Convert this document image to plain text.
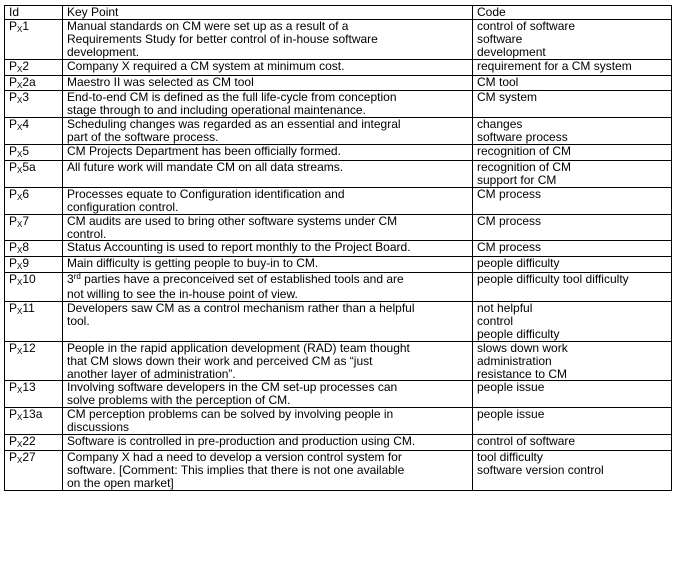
Id	Key Point	Code
PX1	Manual standards on CM were set up as a result of a
Requirements Study for better control of in-house software
development.	control of software
software
development

PX2	Company X required a CM system at minimum cost.	requirement for a CM system

PX2a	Maestro II was selected as CM tool	CM tool

PX3	End-to-end CM is defined as the full life-cycle from conception
stage through to and including operational maintenance.	CM system

PX4	Scheduling changes was regarded as an essential and integral
part of the software process.	changes
software process

PX5	CM Projects Department has been officially formed.	recognition of CM

PX5a	All future work will mandate CM on all data streams.	recognition of CM
support for CM

PX6	Processes equate to Configuration identification and
configuration control.	CM process

PX7	CM audits are used to bring other software systems under CM
control.	CM process

PX8	Status Accounting is used to report monthly to the Project Board.	CM process

PX9	Main difficulty is getting people to buy-in to CM.	people difficulty

PX10	3rd parties have a preconceived set of established tools and are
not willing to see the in-house point of view.	people difficulty tool difficulty

PX11	Developers saw CM as a control mechanism rather than a helpful
tool.	not helpful
control
people difficulty

PX12	People in the rapid application development (RAD) team thought
that CM slows down their work and perceived CM as “just
another layer of administration”.	slows down work
administration
resistance to CM

PX13	Involving software developers in the CM set-up processes can
solve problems with the perception of CM.	people issue

PX13a	CM perception problems can be solved by involving people in
discussions	people issue

PX22	Software is controlled in pre-production and production using CM.	control of software

PX27	Company X had a need to develop a version control system for
software. [Comment: This implies that there is not one available
on the open market]	tool difficulty
software version control
